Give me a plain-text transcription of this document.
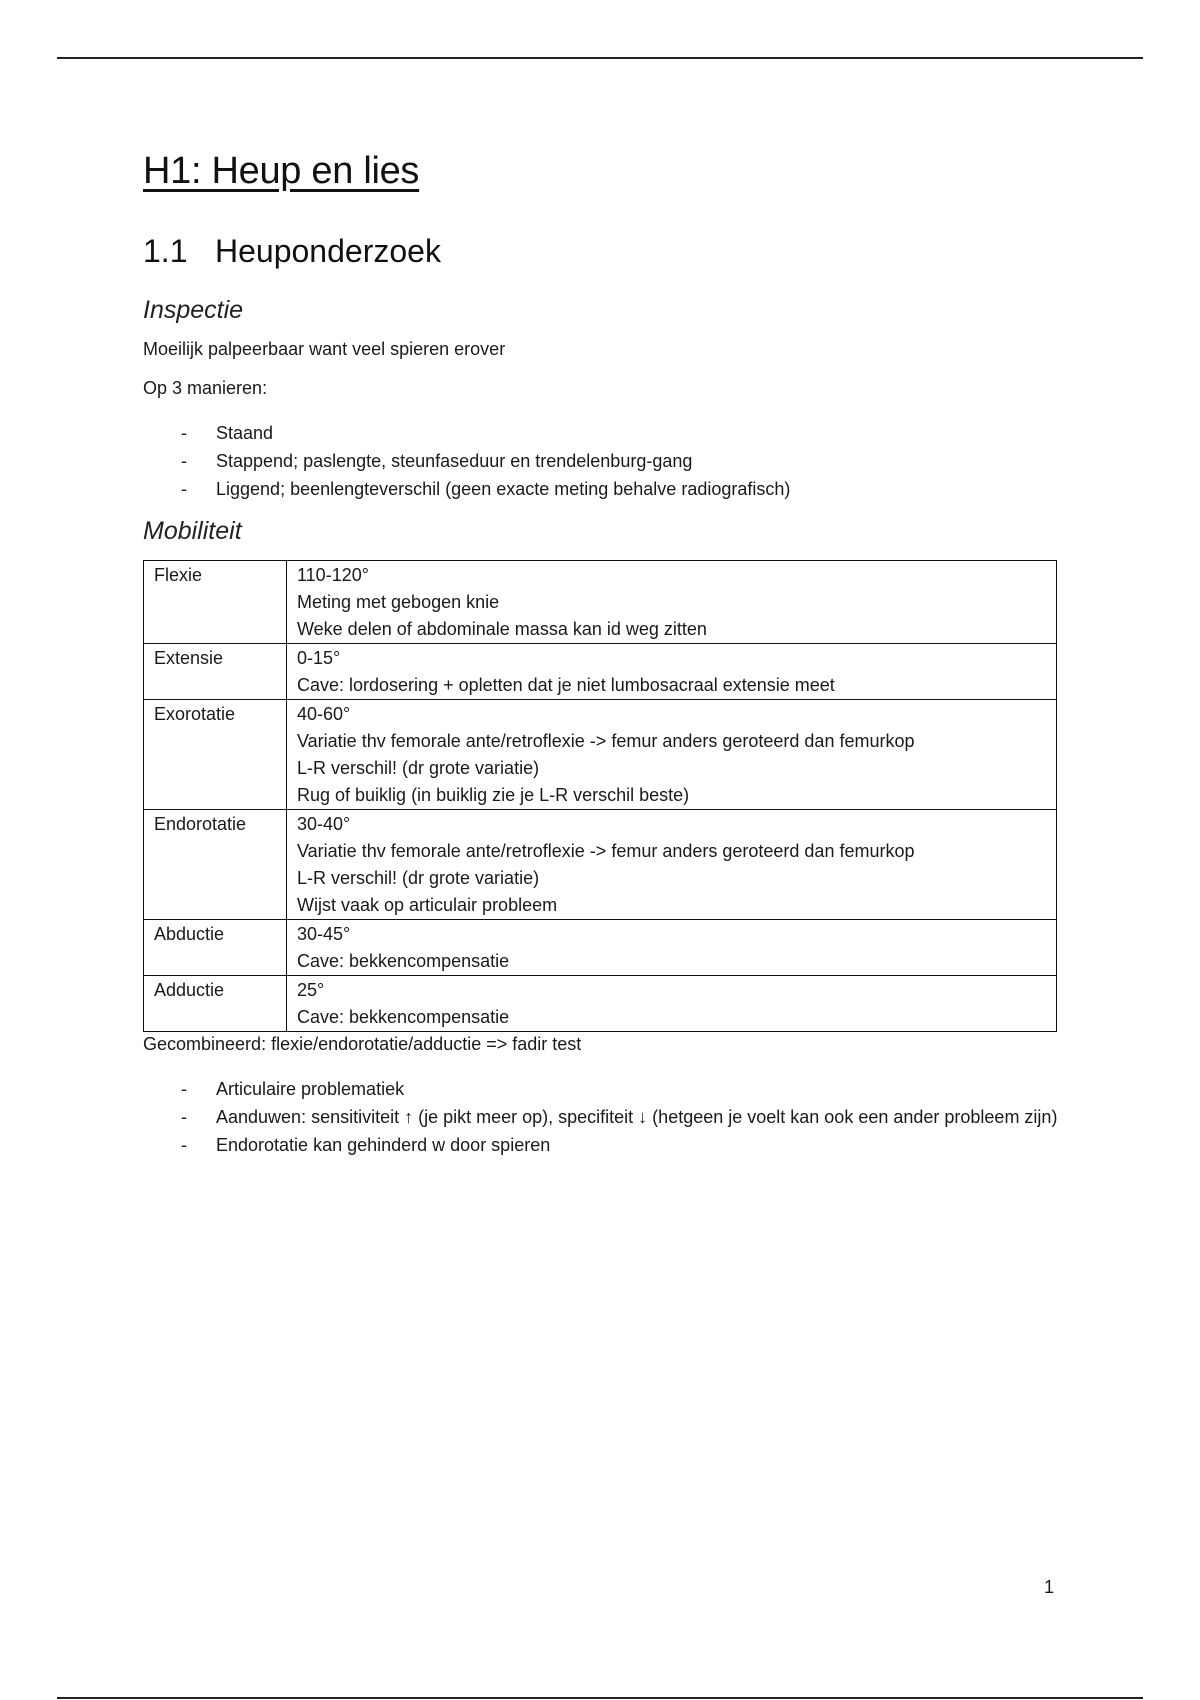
H1: Heup en lies
1.1 Heuponderzoek
Inspectie
Moeilijk palpeerbaar want veel spieren erover
Op 3 manieren:
- Staand
- Stappend; paslengte, steunfaseduur en trendelenburg-gang
- Liggend; beenlengteverschil (geen exacte meting behalve radiografisch)
Mobiliteit
Flexie	110-120°
Meting met gebogen knie
Weke delen of abdominale massa kan id weg zitten

Extensie	0-15°
Cave: lordosering + opletten dat je niet lumbosacraal extensie meet

Exorotatie	40-60°
Variatie thv femorale ante/retroflexie -> femur anders geroteerd dan femurkop
L-R verschil! (dr grote variatie)
Rug of buiklig (in buiklig zie je L-R verschil beste)

Endorotatie	30-40°
Variatie thv femorale ante/retroflexie -> femur anders geroteerd dan femurkop
L-R verschil! (dr grote variatie)
Wijst vaak op articulair probleem

Abductie	30-45°
Cave: bekkencompensatie

Adductie	25°
Cave: bekkencompensatie
Gecombineerd: flexie/endorotatie/adductie => fadir test
- Articulaire problematiek
- Aanduwen: sensitiviteit ↑ (je pikt meer op), specifiteit ↓ (hetgeen je voelt kan ook een ander probleem zijn)
- Endorotatie kan gehinderd w door spieren
1
